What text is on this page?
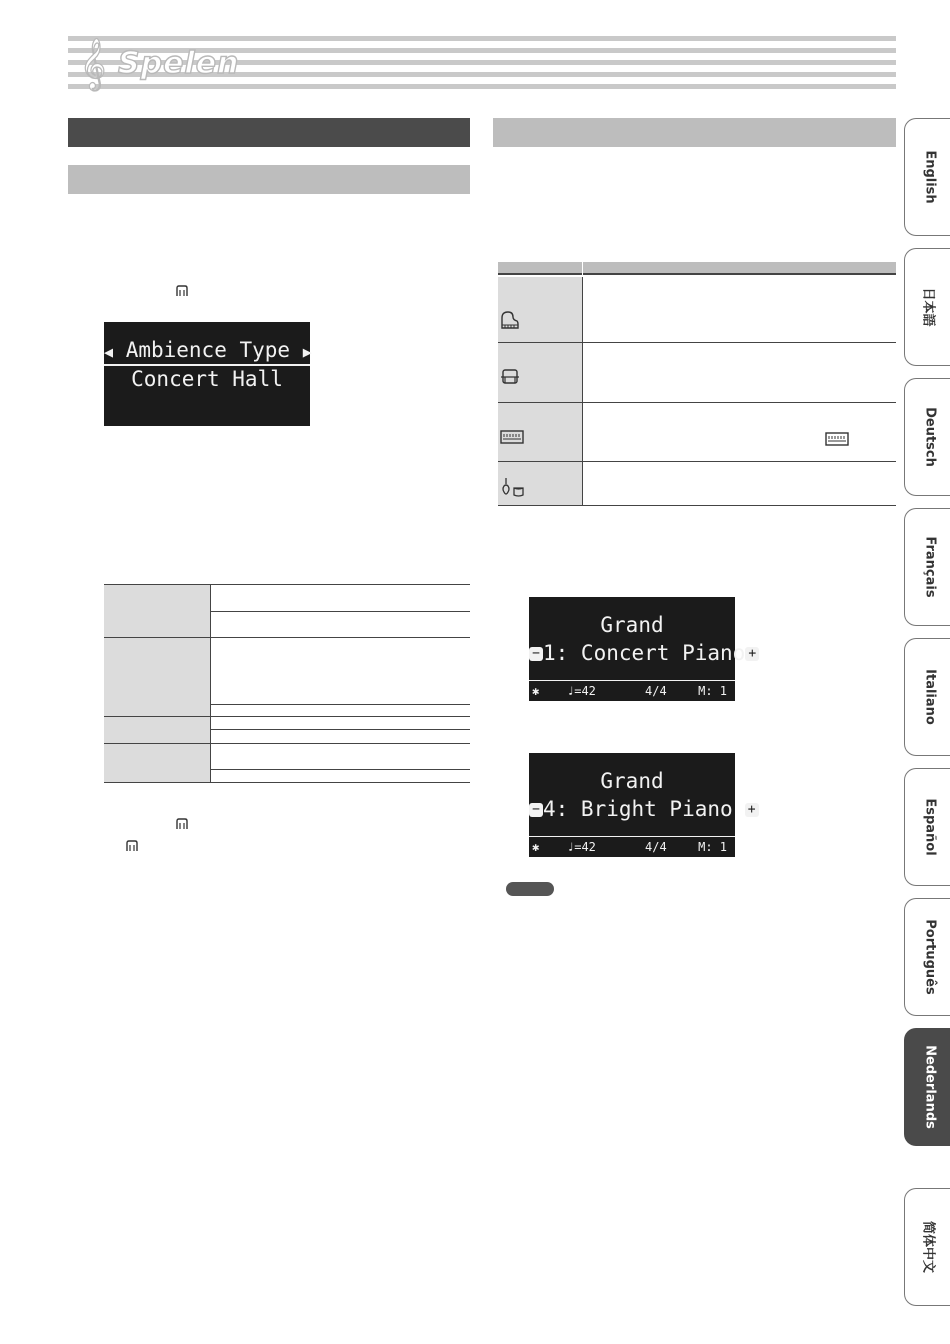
𝄞 Spelen
◀ Ambience Type ▶
Concert Hall
Grand
− 1: Concert Piano +
✱ ♩=42	4/4	M: 1
Grand
− 4: Bright Piano +
✱ ♩=42	4/4	M: 1
English
日本語
Deutsch
Français
Italiano
Español
Português
Nederlands
简体中文
